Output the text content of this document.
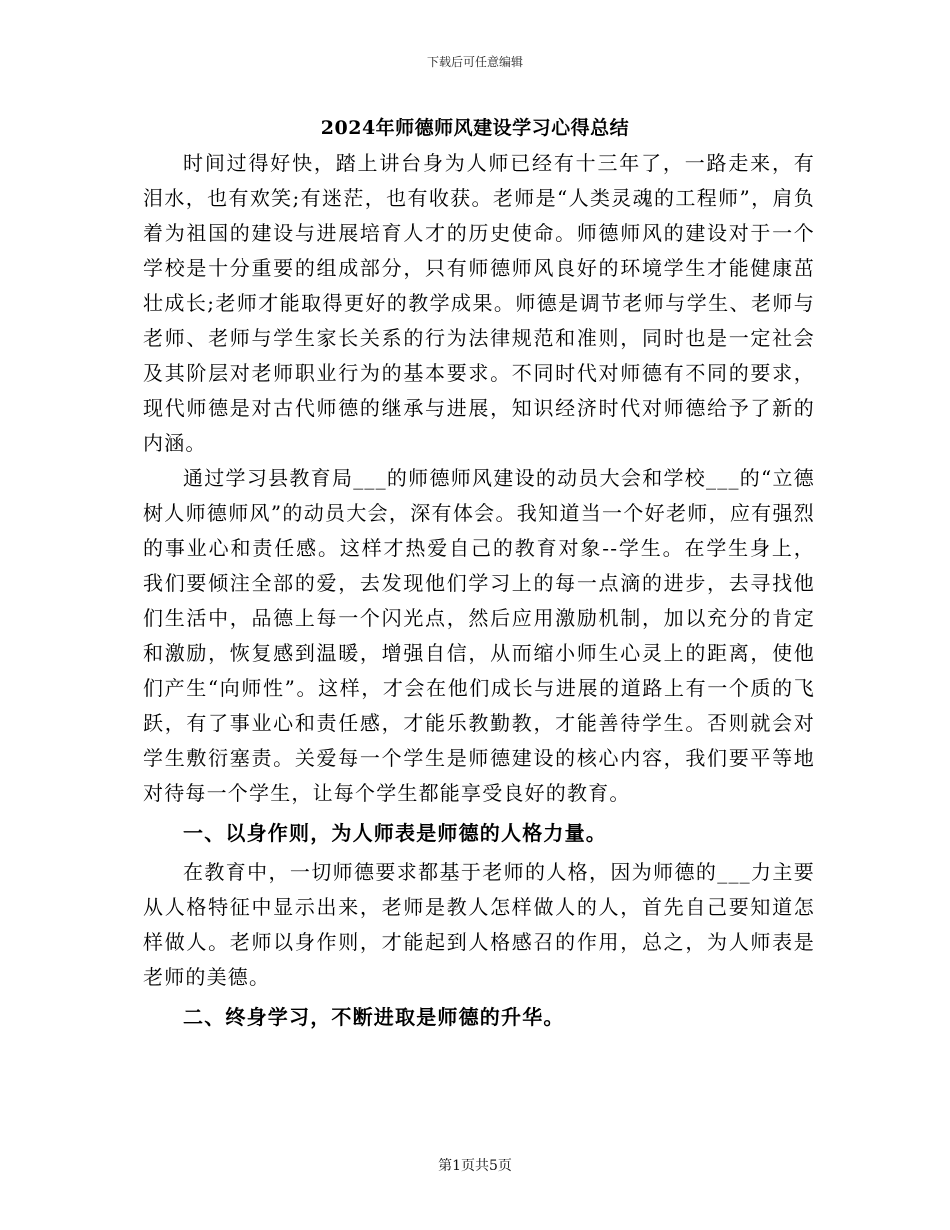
下载后可任意编辑
2024年师德师风建设学习心得总结

时间过得好快，踏上讲台身为人师已经有十三年了，一路走来，有泪水，也有欢笑;有迷茫，也有收获。老师是“人类灵魂的工程师”，肩负着为祖国的建设与进展培育人才的历史使命。师德师风的建设对于一个学校是十分重要的组成部分，只有师德师风良好的环境学生才能健康茁壮成长;老师才能取得更好的教学成果。师德是调节老师与学生、老师与老师、老师与学生家长关系的行为法律规范和准则，同时也是一定社会及其阶层对老师职业行为的基本要求。不同时代对师德有不同的要求，现代师德是对古代师德的继承与进展，知识经济时代对师德给予了新的内涵。

通过学习县教育局___的师德师风建设的动员大会和学校___的“立德树人师德师风”的动员大会，深有体会。我知道当一个好老师，应有强烈的事业心和责任感。这样才热爱自己的教育对象--学生。在学生身上，我们要倾注全部的爱，去发现他们学习上的每一点滴的进步，去寻找他们生活中，品德上每一个闪光点，然后应用激励机制，加以充分的肯定和激励，恢复感到温暖，增强自信，从而缩小师生心灵上的距离，使他们产生“向师性”。这样，才会在他们成长与进展的道路上有一个质的飞跃，有了事业心和责任感，才能乐教勤教，才能善待学生。否则就会对学生敷衍塞责。关爱每一个学生是师德建设的核心内容，我们要平等地对待每一个学生，让每个学生都能享受良好的教育。

一、以身作则，为人师表是师德的人格力量。

在教育中，一切师德要求都基于老师的人格，因为师德的___力主要从人格特征中显示出来，老师是教人怎样做人的人，首先自己要知道怎样做人。老师以身作则，才能起到人格感召的作用，总之，为人师表是老师的美德。

二、终身学习，不断进取是师德的升华。
第1页共5页
